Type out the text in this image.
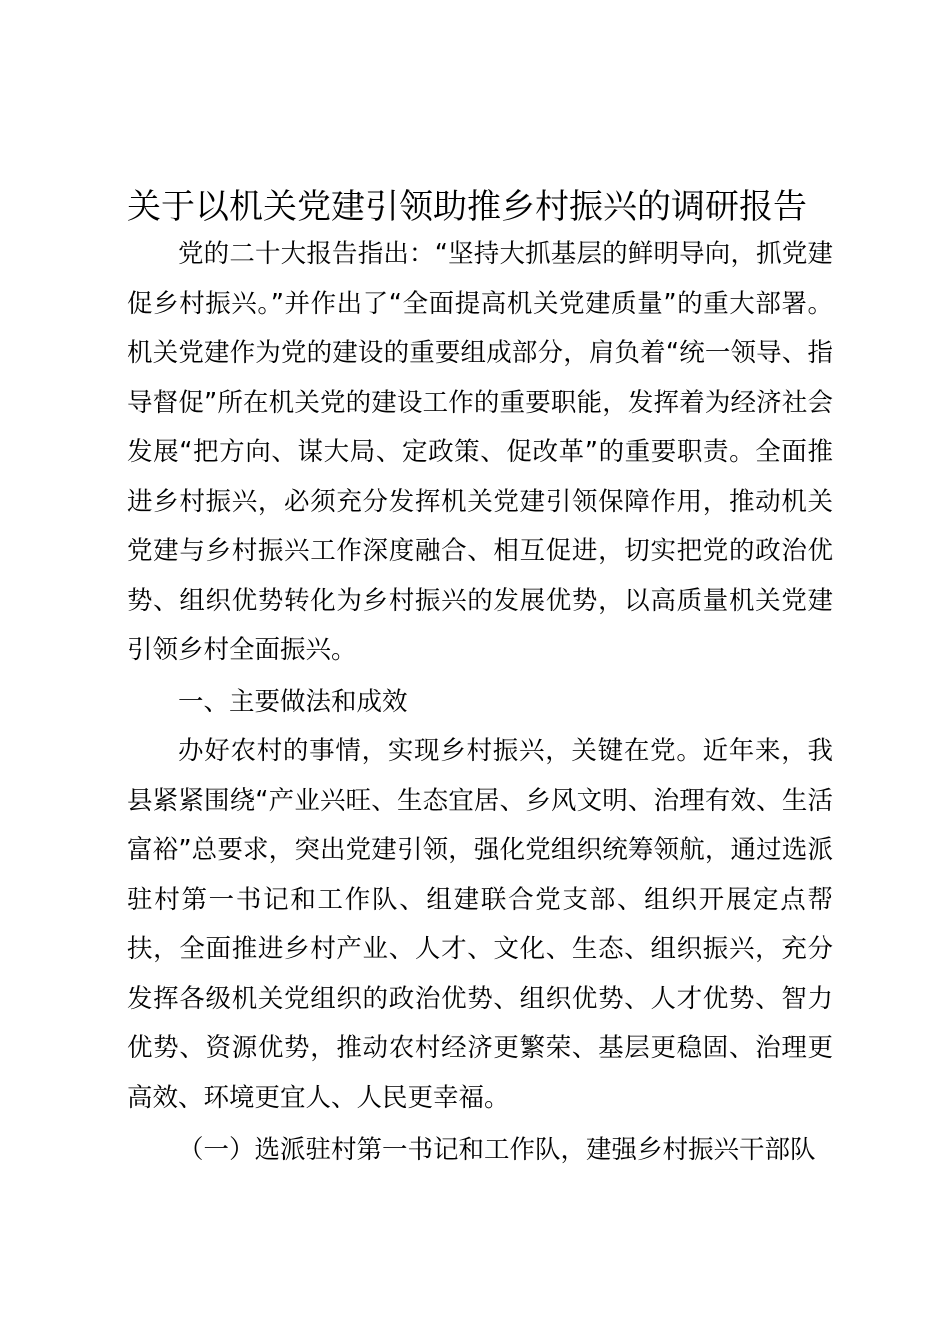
关于以机关党建引领助推乡村振兴的调研报告

党的二十大报告指出：“坚持大抓基层的鲜明导向，抓党建促乡村振兴。”并作出了“全面提高机关党建质量”的重大部署。机关党建作为党的建设的重要组成部分，肩负着“统一领导、指导督促”所在机关党的建设工作的重要职能，发挥着为经济社会发展“把方向、谋大局、定政策、促改革”的重要职责。全面推进乡村振兴，必须充分发挥机关党建引领保障作用，推动机关党建与乡村振兴工作深度融合、相互促进，切实把党的政治优势、组织优势转化为乡村振兴的发展优势，以高质量机关党建引领乡村全面振兴。

一、主要做法和成效

办好农村的事情，实现乡村振兴，关键在党。近年来，我县紧紧围绕“产业兴旺、生态宜居、乡风文明、治理有效、生活富裕”总要求，突出党建引领，强化党组织统筹领航，通过选派驻村第一书记和工作队、组建联合党支部、组织开展定点帮扶，全面推进乡村产业、人才、文化、生态、组织振兴，充分发挥各级机关党组织的政治优势、组织优势、人才优势、智力优势、资源优势，推动农村经济更繁荣、基层更稳固、治理更高效、环境更宜人、人民更幸福。

（一）选派驻村第一书记和工作队，建强乡村振兴干部队
